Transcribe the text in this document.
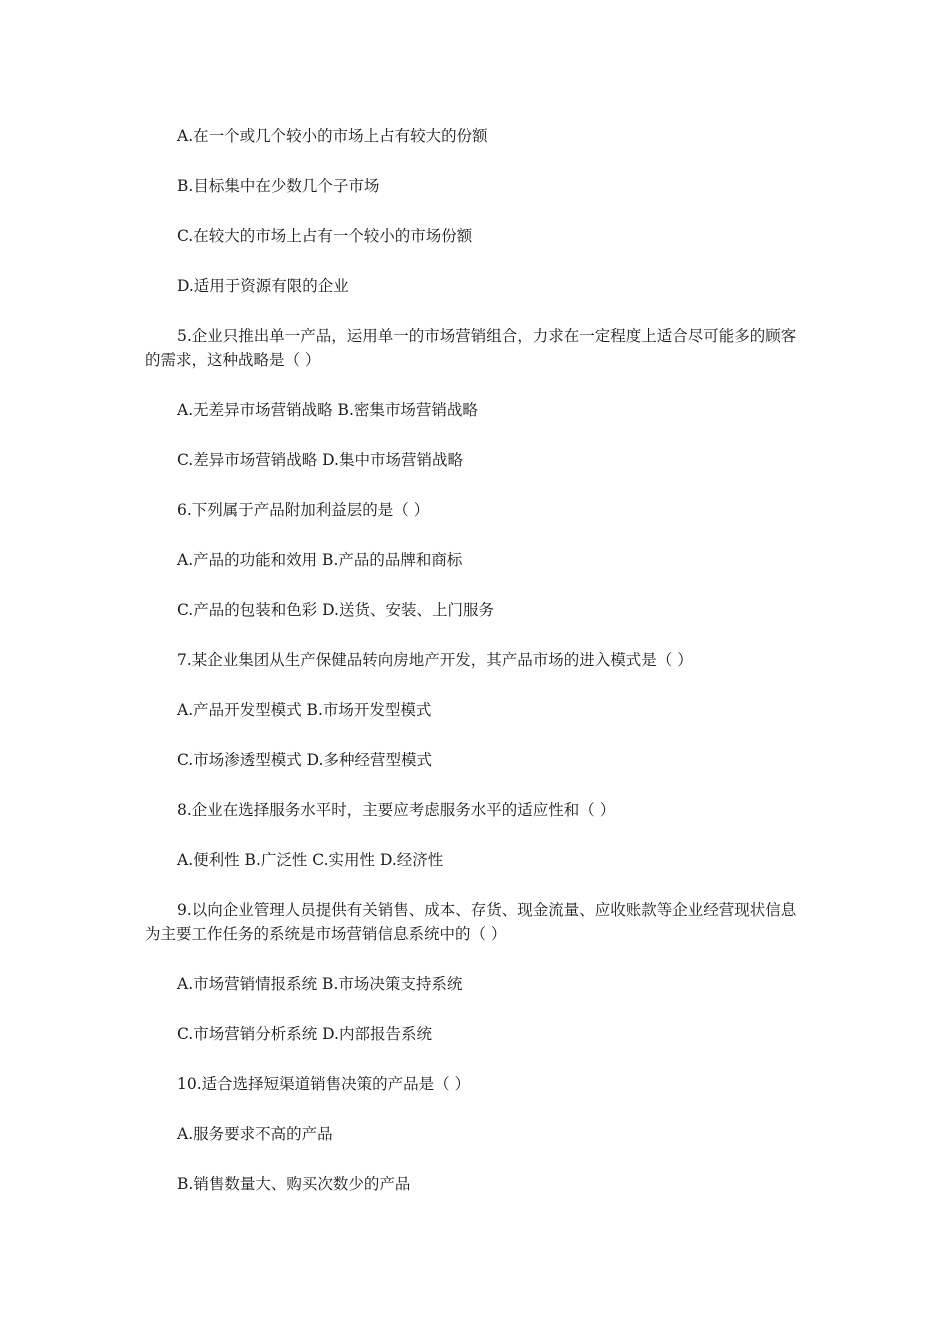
A.在一个或几个较小的市场上占有较大的份额

B.目标集中在少数几个子市场

C.在较大的市场上占有一个较小的市场份额

D.适用于资源有限的企业

5.企业只推出单一产品，运用单一的市场营销组合，力求在一定程度上适合尽可能多的顾客的需求，这种战略是（ ）

A.无差异市场营销战略 B.密集市场营销战略

C.差异市场营销战略 D.集中市场营销战略

6.下列属于产品附加利益层的是（ ）

A.产品的功能和效用 B.产品的品牌和商标

C.产品的包装和色彩 D.送货、安装、上门服务

7.某企业集团从生产保健品转向房地产开发，其产品市场的进入模式是（ ）

A.产品开发型模式 B.市场开发型模式

C.市场渗透型模式 D.多种经营型模式

8.企业在选择服务水平时，主要应考虑服务水平的适应性和（ ）

A.便利性 B.广泛性 C.实用性 D.经济性

9.以向企业管理人员提供有关销售、成本、存货、现金流量、应收账款等企业经营现状信息为主要工作任务的系统是市场营销信息系统中的（ ）

A.市场营销情报系统 B.市场决策支持系统

C.市场营销分析系统 D.内部报告系统

10.适合选择短渠道销售决策的产品是（ ）

A.服务要求不高的产品

B.销售数量大、购买次数少的产品
